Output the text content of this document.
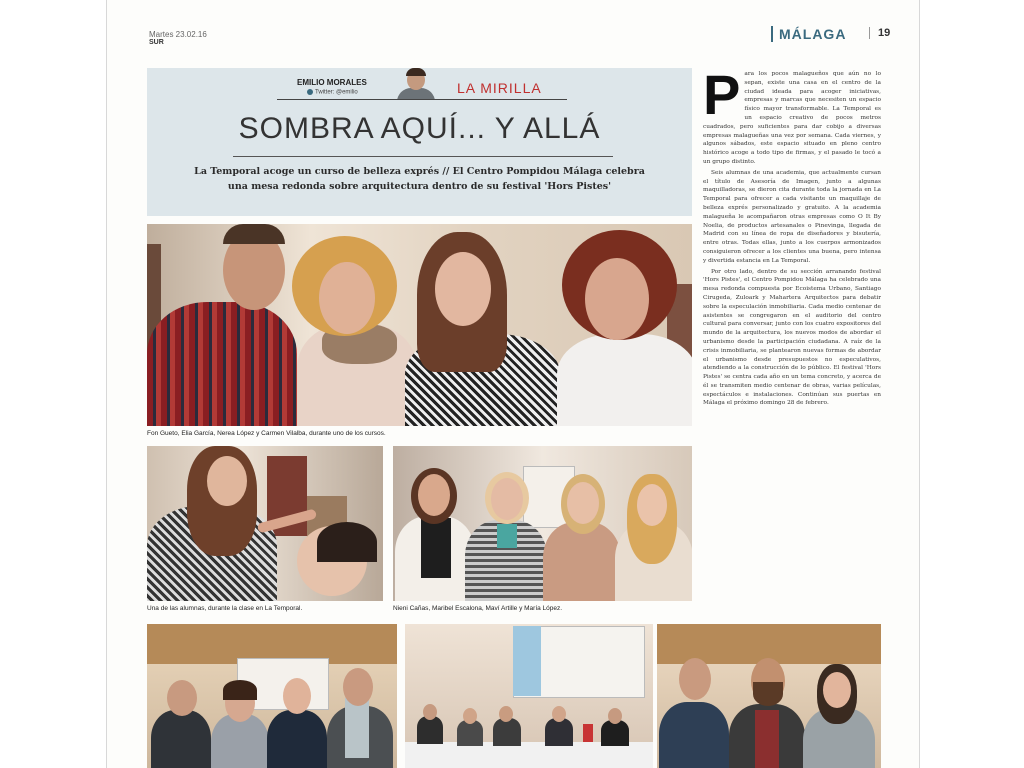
Martes 23.02.16
SUR
MÁLAGA	19
EMILIO MORALES
Twitter: @emilio	LA MIRILLA
SOMBRA AQUÍ... Y ALLÁ
La Temporal acoge un curso de belleza exprés // El Centro Pompidou Málaga celebra una mesa redonda sobre arquitectura dentro de su festival 'Hors Pistes'
Fon Gueto, Elia García, Nerea López y Carmen Vilalba, durante uno de los cursos.
Una de las alumnas, durante la clase en La Temporal.	Nieni Cañas, Maribel Escalona, Maví Artille y María López.
P ara los pocos malagueños que aún no lo sepan, existe una casa en el centro de la ciudad ideada para acoger iniciativas, empresas y marcas que necesiten un espacio físico mayor transformable. La Temporal es un espacio creativo de pocos metros cuadrados, pero suficientes para dar cobijo a diversas empresas malagueñas una vez por semana. Cada viernes, y algunos sábados, este espacio situado en pleno centro histórico acoge a todo tipo de firmas, y el pasado le tocó a un grupo distinto.

Seis alumnas de una academia, que actualmente cursan el título de Asesoría de Imagen, junto a algunas maquilladoras, se dieron cita durante toda la jornada en La Temporal para ofrecer a cada visitante un maquillaje de belleza exprés personalizado y gratuito. A la academia malagueña le acompañaron otras empresas como O It By Noelia, de productos artesanales o Pinevinga, llegada de Madrid con su línea de ropa de diseñadores y bisutería, entre otras. Todas ellas, junto a los cuerpos armonizados consiguieron ofrecer a los clientes una buena, pero intensa y divertida estancia en La Temporal.

Por otro lado, dentro de su sección arranando festival 'Hors Pistes', el Centro Pompidou Málaga ha celebrado una mesa redonda compuesta por Ecoistema Urbano, Santiago Cirugeda, Zuloark y Mahartera Arquitectos para debatir sobre la especulación inmobiliaria. Cada medio centenar de asistentes se congregaron en el auditorio del centro cultural para conversar, junto con los cuatro expositores del mundo de la arquitectura, los nuevos modos de abordar el urbanismo desde la participación ciudadana. A raíz de la crisis inmobiliaria, se plantearon nuevas formas de abordar el urbanismo desde presupuestos no especulativos, atendiendo a la construcción de lo público. El festival 'Hors Pistes' se centra cada año en un tema concreto, y acerca de él se transmiten medio centenar de obras, varias películas, espectáculos e instalaciones. Continúan sus puertas en Málaga el próximo domingo 28 de febrero.
